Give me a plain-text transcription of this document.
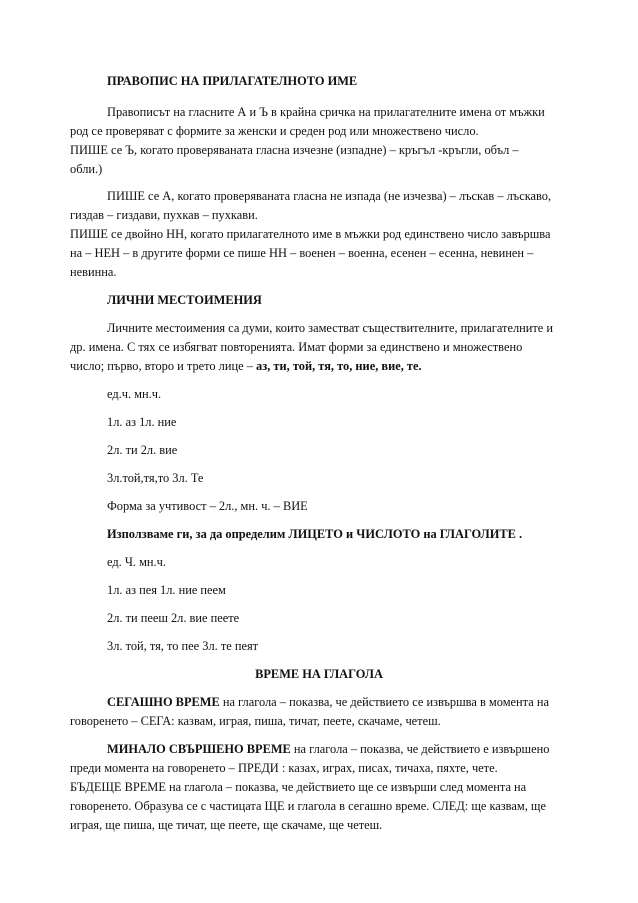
ПРАВОПИС НА ПРИЛАГАТЕЛНОТО ИМЕ
Правописът на гласните А и Ъ в крайна сричка на прилагателните имена от мъжки
род се проверяват с формите за женски и среден род или множествено число.
ПИШЕ се Ъ, когато проверяваната гласна изчезне (изпадне) – кръгъл -кръгли, объл –
обли.)
ПИШЕ се А, когато проверяваната гласна не изпада (не изчезва) – лъскав – лъскаво,
гиздав – гиздави, пухкав – пухкави.
ПИШЕ се двойно НН, когато прилагателното име в мъжки род единствено число завършва
на – НЕН – в другите форми се пише НН – военен – военна, есенен – есенна, невинен –
невинна.
ЛИЧНИ МЕСТОИМЕНИЯ
Личните местоимения са думи, които заместват съществителните, прилагателните и
др. имена. С тях се избягват повторенията. Имат форми за единствено и множествено
число; първо, второ и трето лице – аз, ти, той, тя, то, ние, вие, те.
ед.ч. мн.ч.
1л. аз 1л. ние
2л. ти 2л. вие
3л.той,тя,то 3л. Те
Форма за учтивост – 2л., мн. ч. – ВИЕ
Използваме ги, за да определим ЛИЦЕТО и ЧИСЛОТО на ГЛАГОЛИТЕ .
ед. Ч. мн.ч.
1л. аз пея 1л. ние пеем
2л. ти пееш 2л. вие пеете
3л. той, тя, то пее 3л. те пеят
ВРЕМЕ НА ГЛАГОЛА
СЕГАШНО ВРЕМЕ на глагола – показва, че действието се извършва в момента на
говоренето – СЕГА: казвам, играя, пиша, тичат, пеете, скачаме, четеш.
МИНАЛО СВЪРШЕНО ВРЕМЕ на глагола – показва, че действието е извършено
преди момента на говоренето – ПРЕДИ : казах, играх, писах, тичаха, пяхте, чете.
БЪДЕЩЕ ВРЕМЕ на глагола – показва, че действието ще се извърши след момента на
говоренето. Образува се с частицата ЩЕ и глагола в сегашно време. СЛЕД: ще казвам, ще
играя, ще пиша, ще тичат, ще пеете, ще скачаме, ще четеш.
